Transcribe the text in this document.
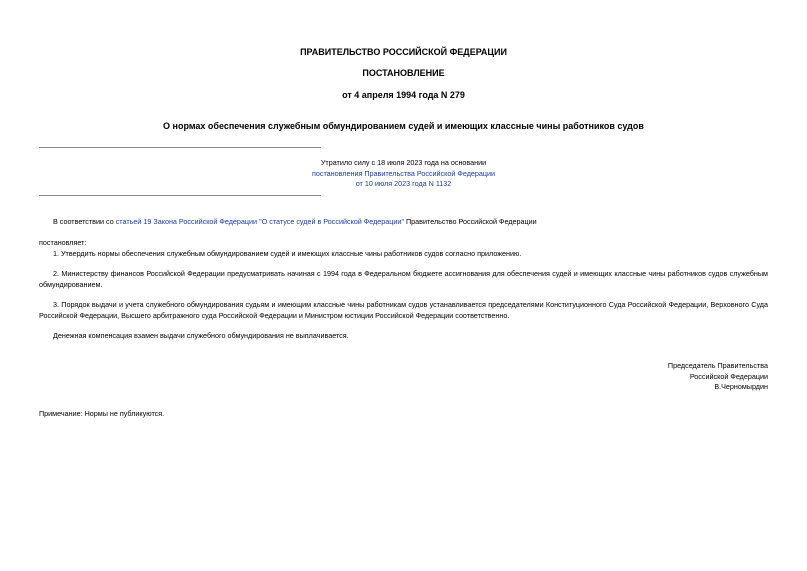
ПРАВИТЕЛЬСТВО РОССИЙСКОЙ ФЕДЕРАЦИИ
ПОСТАНОВЛЕНИЕ
от 4 апреля 1994 года N 279
О нормах обеспечения служебным обмундированием судей и имеющих классные чины работников судов
Утратило силу с 18 июля 2023 года на основании
постановления Правительства Российской Федерации
от 10 июля 2023 года N 1132
В соответствии со статьей 19 Закона Российской Федерации "О статусе судей в Российской Федерации" Правительство Российской Федерации
постановляет:
1. Утвердить нормы обеспечения служебным обмундированием судей и имеющих классные чины работников судов согласно приложению.
2. Министерству финансов Российской Федерации предусматривать начиная с 1994 года в Федеральном бюджете ассигнования для обеспечения судей и имеющих классные чины работников судов служебным обмундированием.
3. Порядок выдачи и учета служебного обмундирования судьям и имеющим классные чины работникам судов устанавливается председателями Конституционного Суда Российской Федерации, Верховного Суда Российской Федерации, Высшего арбитражного суда Российской Федерации и Министром юстиции Российской Федерации соответственно.
Денежная компенсация взамен выдачи служебного обмундирования не выплачивается.
Председатель Правительства
Российской Федерации
В.Черномырдин
Примечание: Нормы не публикуются.
